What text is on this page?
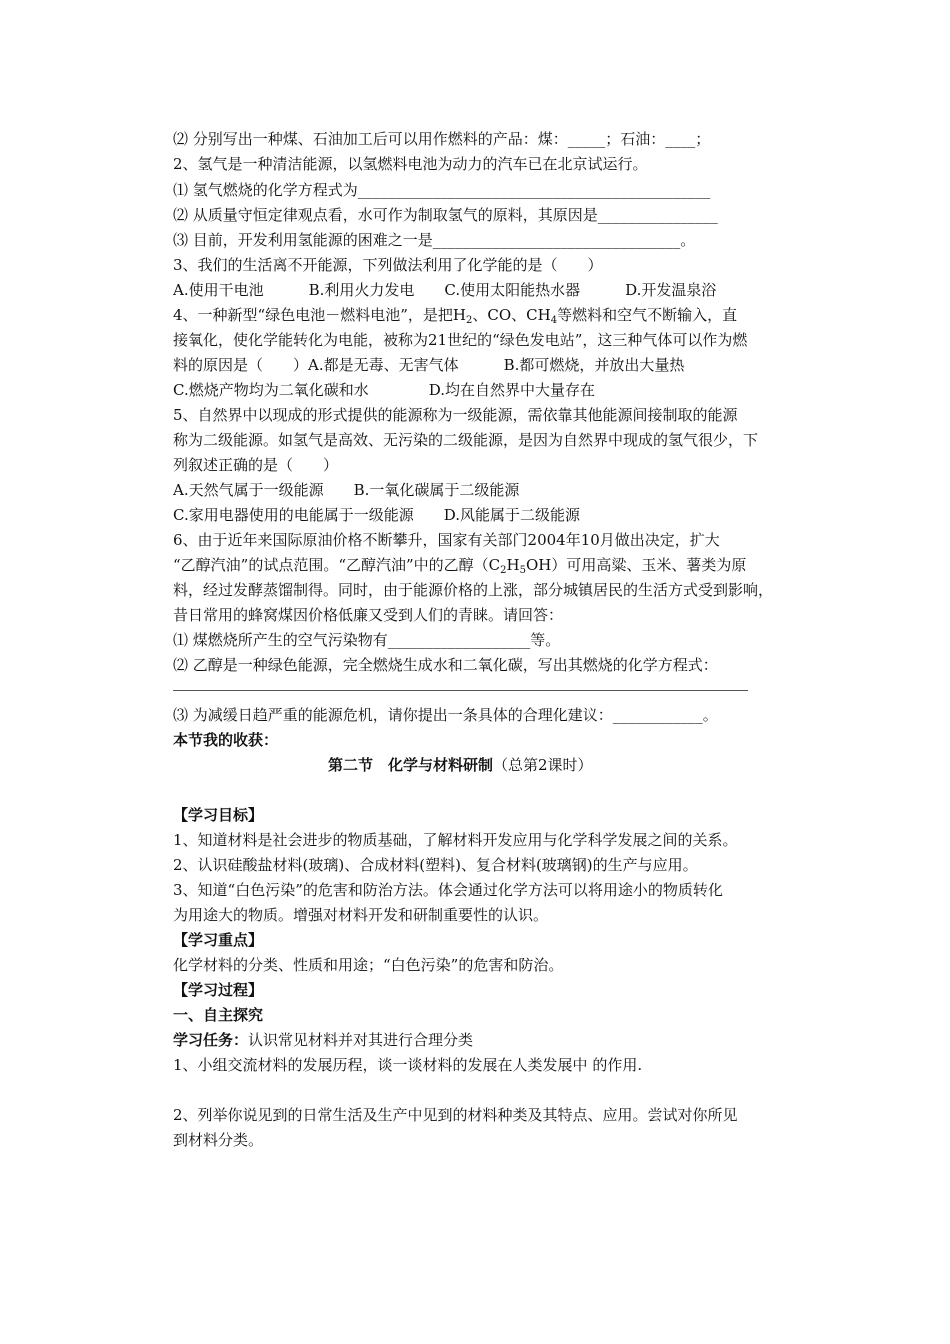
⑵ 分别写出一种煤、石油加工后可以用作燃料的产品：煤：_____；石油：____；
2、氢气是一种清洁能源，以氢燃料电池为动力的汽车已在北京试运行。
⑴ 氢气燃烧的化学方程式为_______________________________________________
⑵ 从质量守恒定律观点看，水可作为制取氢气的原料，其原因是________________
⑶ 目前，开发利用氢能源的困难之一是_________________________________。
3、我们的生活离不开能源，下列做法利用了化学能的是（　　）
A.使用干电池　　　B.利用火力发电　　C.使用太阳能热水器　　　D.开发温泉浴
4、一种新型“绿色电池－燃料电池”，是把$H_2$、CO、$CH_4$等燃料和空气不断输入，直
接氧化，使化学能转化为电能，被称为21世纪的“绿色发电站”，这三种气体可以作为燃
料的原因是（　　）A.都是无毒、无害气体　　　B.都可燃烧，并放出大量热
C.燃烧产物均为二氧化碳和水　　　　D.均在自然界中大量存在
5、自然界中以现成的形式提供的能源称为一级能源，需依靠其他能源间接制取的能源
称为二级能源。如氢气是高效、无污染的二级能源，是因为自然界中现成的氢气很少，下
列叙述正确的是（　　）
A.天然气属于一级能源　　B.一氧化碳属于二级能源
C.家用电器使用的电能属于一级能源　　D.风能属于二级能源
6、由于近年来国际原油价格不断攀升，国家有关部门2004年10月做出决定，扩大
“乙醇汽油”的试点范围。“乙醇汽油”中的乙醇$(C_2H_5OH)$可用高粱、玉米、薯类为原
料，经过发酵蒸馏制得。同时，由于能源价格的上涨，部分城镇居民的生活方式受到影响，
昔日常用的蜂窝煤因价格低廉又受到人们的青睐。请回答：
⑴ 煤燃烧所产生的空气污染物有___________________等。
⑵ 乙醇是一种绿色能源，完全燃烧生成水和二氧化碳，写出其燃烧的化学方程式：
⑶ 为减缓日趋严重的能源危机，请你提出一条具体的合理化建议：____________。
本节我的收获：
第二节　化学与材料研制（总第2课时）
【学习目标】
1、知道材料是社会进步的物质基础，了解材料开发应用与化学科学发展之间的关系。
2、认识硅酸盐材料(玻璃)、合成材料(塑料)、复合材料(玻璃钢)的生产与应用。
3、知道“白色污染”的危害和防治方法。体会通过化学方法可以将用途小的物质转化
为用途大的物质。增强对材料开发和研制重要性的认识。
【学习重点】
化学材料的分类、性质和用途；“白色污染”的危害和防治。
【学习过程】
一、自主探究
学习任务：认识常见材料并对其进行合理分类
1、小组交流材料的发展历程，谈一谈材料的发展在人类发展中 的作用.
2、列举你说见到的日常生活及生产中见到的材料种类及其特点、应用。尝试对你所见
到材料分类。
